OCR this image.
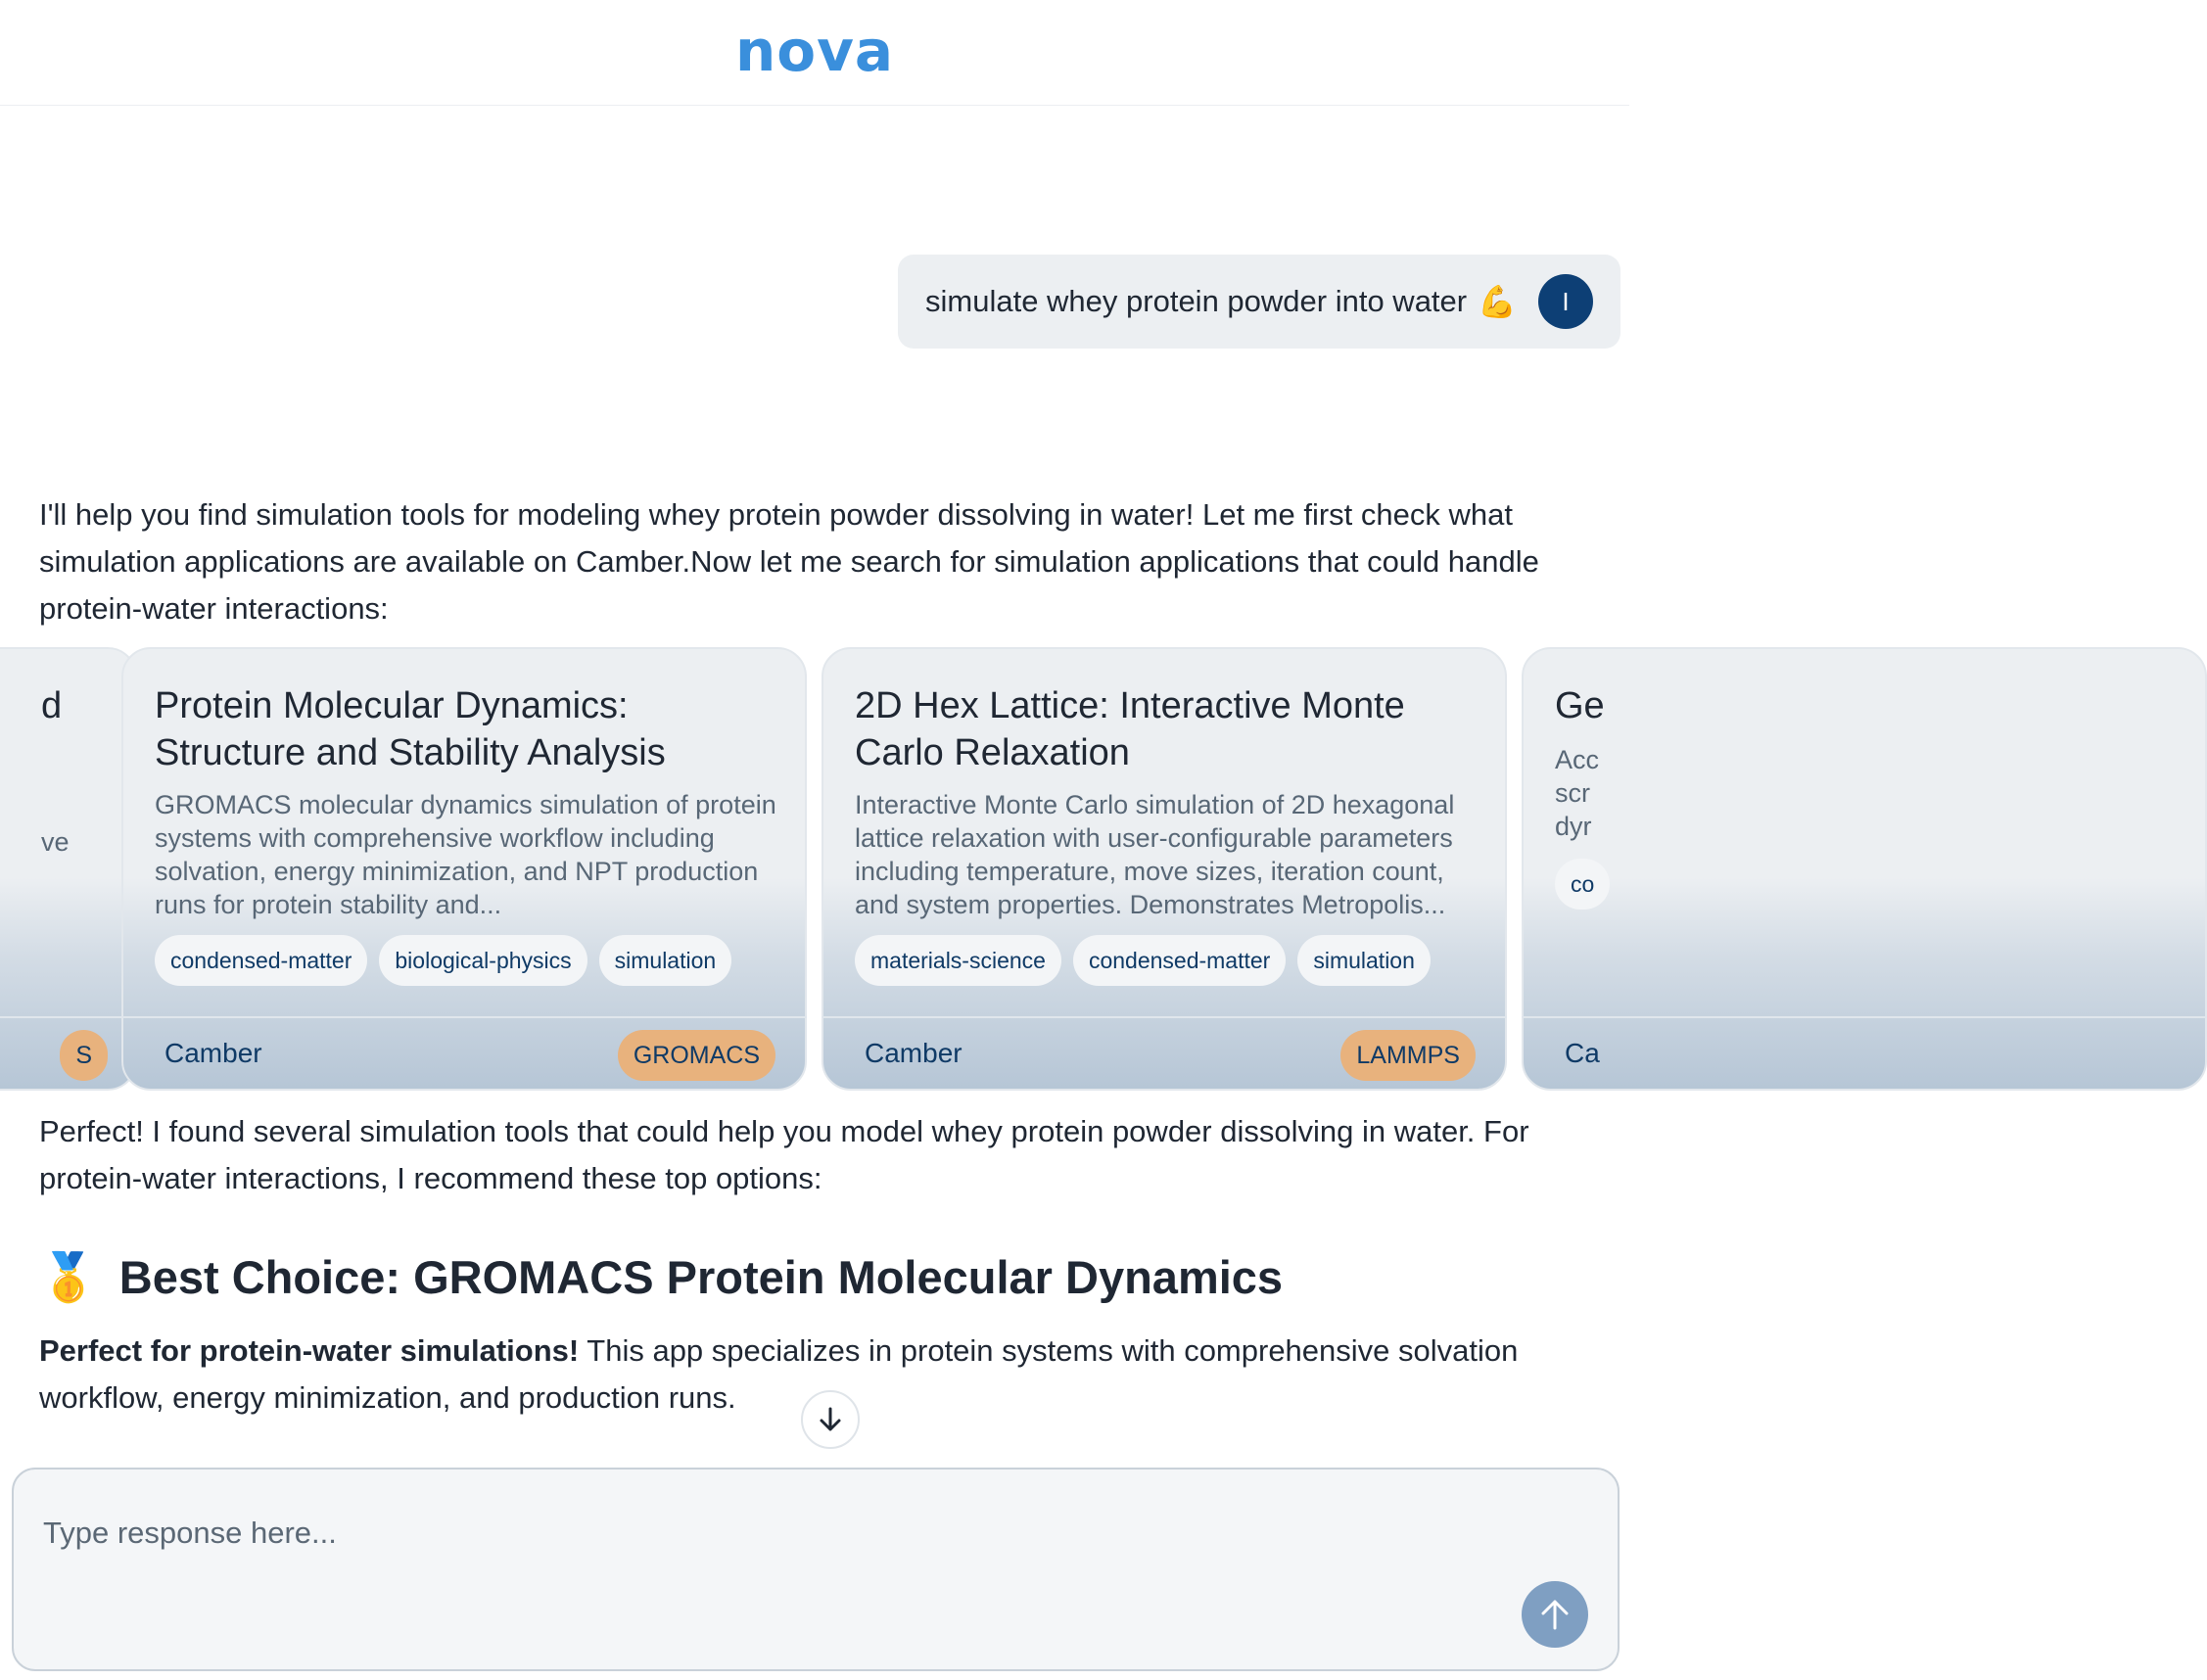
nova
simulate whey protein powder into water 💪	I

I'll help you find simulation tools for modeling whey protein powder dissolving in water! Let me first check what simulation applications are available on Camber.Now let me search for simulation applications that could handle protein-water interactions:

d
ve
S
Protein Molecular Dynamics: Structure and Stability Analysis
GROMACS molecular dynamics simulation of protein systems with comprehensive workflow including solvation, energy minimization, and NPT production runs for protein stability and...
condensed-matter	biological-physics	simulation
Camber	GROMACS
2D Hex Lattice: Interactive Monte Carlo Relaxation
Interactive Monte Carlo simulation of 2D hexagonal lattice relaxation with user-configurable parameters including temperature, move sizes, iteration count, and system properties. Demonstrates Metropolis...
materials-science	condensed-matter	simulation
Camber	LAMMPS
Ge
Acc
scr
dyr
co
Ca

Perfect! I found several simulation tools that could help you model whey protein powder dissolving in water. For protein-water interactions, I recommend these top options:

🥇 Best Choice: GROMACS Protein Molecular Dynamics

Perfect for protein-water simulations! This app specializes in protein systems with comprehensive solvation workflow, energy minimization, and production runs.

Type response here...
